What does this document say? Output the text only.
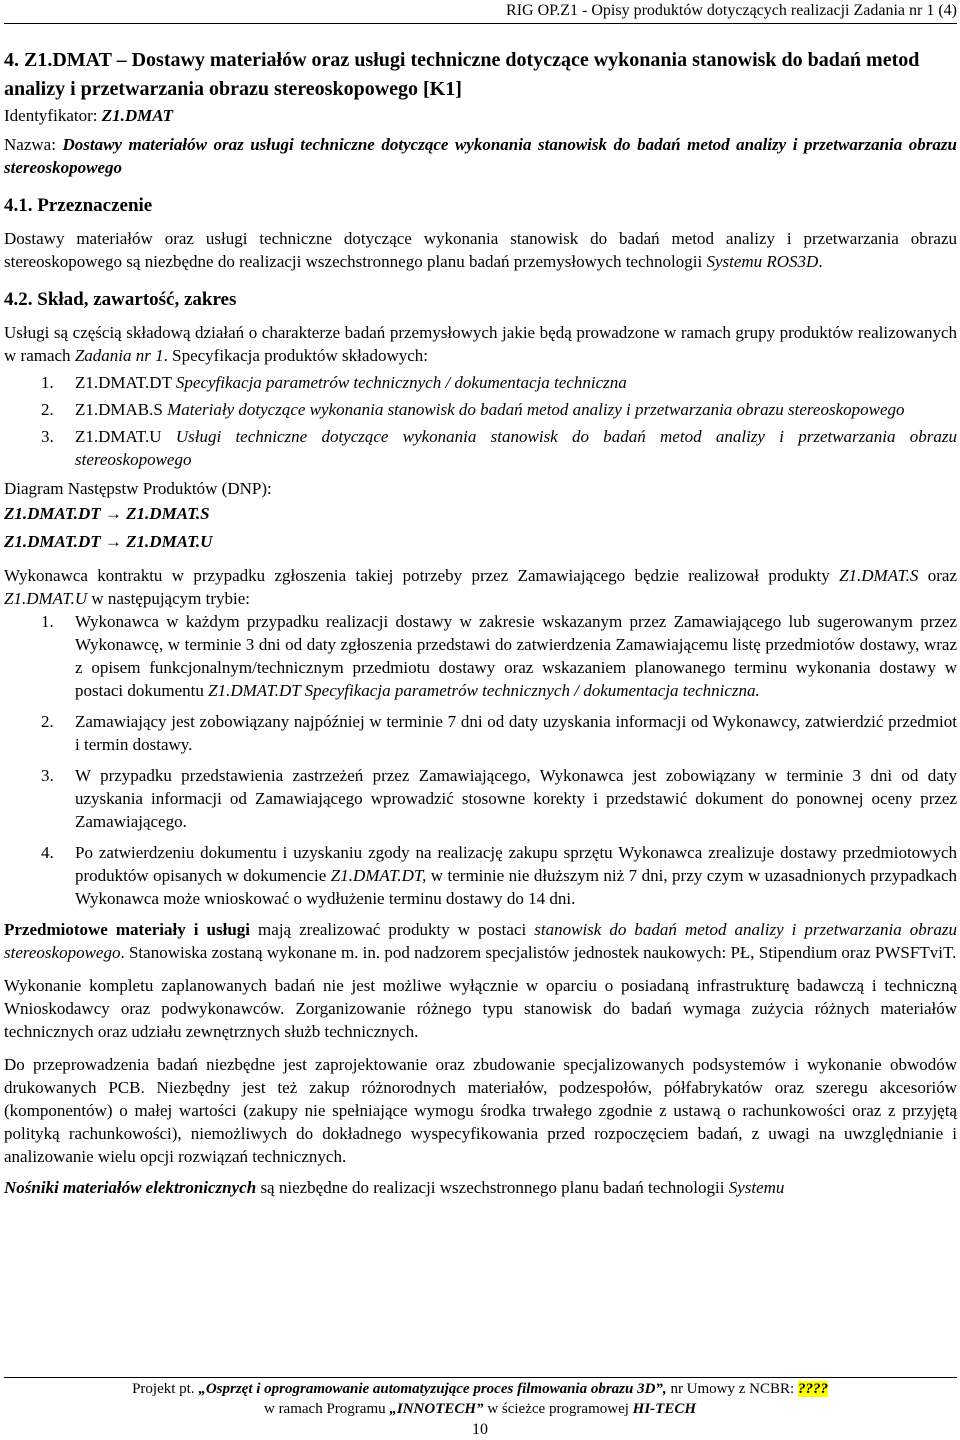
RIG OP.Z1 - Opisy produktów dotyczących realizacji Zadania nr 1 (4)

4. Z1.DMAT – Dostawy materiałów oraz usługi techniczne dotyczące wykonania stanowisk do badań metod analizy i przetwarzania obrazu stereoskopowego [K1]

Identyfikator: Z1.DMAT

Nazwa: Dostawy materiałów oraz usługi techniczne dotyczące wykonania stanowisk do badań metod analizy i przetwarzania obrazu stereoskopowego

4.1. Przeznaczenie

Dostawy materiałów oraz usługi techniczne dotyczące wykonania stanowisk do badań metod analizy i przetwarzania obrazu stereoskopowego są niezbędne do realizacji wszechstronnego planu badań przemysłowych technologii Systemu ROS3D.

4.2. Skład, zawartość, zakres

Usługi są częścią składową działań o charakterze badań przemysłowych jakie będą prowadzone w ramach grupy produktów realizowanych w ramach Zadania nr 1. Specyfikacja produktów składowych:

1. Z1.DMAT.DT Specyfikacja parametrów technicznych / dokumentacja techniczna
2. Z1.DMAB.S Materiały dotyczące wykonania stanowisk do badań metod analizy i przetwarzania obrazu stereoskopowego
3. Z1.DMAT.U Usługi techniczne dotyczące wykonania stanowisk do badań metod analizy i przetwarzania obrazu stereoskopowego

Diagram Następstw Produktów (DNP):

Z1.DMAT.DT → Z1.DMAT.S

Z1.DMAT.DT → Z1.DMAT.U

Wykonawca kontraktu w przypadku zgłoszenia takiej potrzeby przez Zamawiającego będzie realizował produkty Z1.DMAT.S oraz Z1.DMAT.U w następującym trybie:

1. Wykonawca w każdym przypadku realizacji dostawy w zakresie wskazanym przez Zamawiającego lub sugerowanym przez Wykonawcę, w terminie 3 dni od daty zgłoszenia przedstawi do zatwierdzenia Zamawiającemu listę przedmiotów dostawy, wraz z opisem funkcjonalnym/technicznym przedmiotu dostawy oraz wskazaniem planowanego terminu wykonania dostawy w postaci dokumentu Z1.DMAT.DT Specyfikacja parametrów technicznych / dokumentacja techniczna.
2. Zamawiający jest zobowiązany najpóźniej w terminie 7 dni od daty uzyskania informacji od Wykonawcy, zatwierdzić przedmiot i termin dostawy.
3. W przypadku przedstawienia zastrzeżeń przez Zamawiającego, Wykonawca jest zobowiązany w terminie 3 dni od daty uzyskania informacji od Zamawiającego wprowadzić stosowne korekty i przedstawić dokument do ponownej oceny przez Zamawiającego.
4. Po zatwierdzeniu dokumentu i uzyskaniu zgody na realizację zakupu sprzętu Wykonawca zrealizuje dostawy przedmiotowych produktów opisanych w dokumencie Z1.DMAT.DT, w terminie nie dłuższym niż 7 dni, przy czym w uzasadnionych przypadkach Wykonawca może wnioskować o wydłużenie terminu dostawy do 14 dni.

Przedmiotowe materiały i usługi mają zrealizować produkty w postaci stanowisk do badań metod analizy i przetwarzania obrazu stereoskopowego. Stanowiska zostaną wykonane m. in. pod nadzorem specjalistów jednostek naukowych: PŁ, Stipendium oraz PWSFTviT.

Wykonanie kompletu zaplanowanych badań nie jest możliwe wyłącznie w oparciu o posiadaną infrastrukturę badawczą i techniczną Wnioskodawcy oraz podwykonawców. Zorganizowanie różnego typu stanowisk do badań wymaga zużycia różnych materiałów technicznych oraz udziału zewnętrznych służb technicznych.

Do przeprowadzenia badań niezbędne jest zaprojektowanie oraz zbudowanie specjalizowanych podsystemów i wykonanie obwodów drukowanych PCB. Niezbędny jest też zakup różnorodnych materiałów, podzespołów, półfabrykatów oraz szeregu akcesoriów (komponentów) o małej wartości (zakupy nie spełniające wymogu środka trwałego zgodnie z ustawą o rachunkowości oraz z przyjętą polityką rachunkowości), niemożliwych do dokładnego wyspecyfikowania przed rozpoczęciem badań, z uwagi na uwzględnianie i analizowanie wielu opcji rozwiązań technicznych.

Nośniki materiałów elektronicznych są niezbędne do realizacji wszechstronnego planu badań technologii Systemu

Projekt pt. „Osprzęt i oprogramowanie automatyzujące proces filmowania obrazu 3D”, nr Umowy z NCBR: ????
w ramach Programu „INNOTECH” w ścieżce programowej HI-TECH
10
